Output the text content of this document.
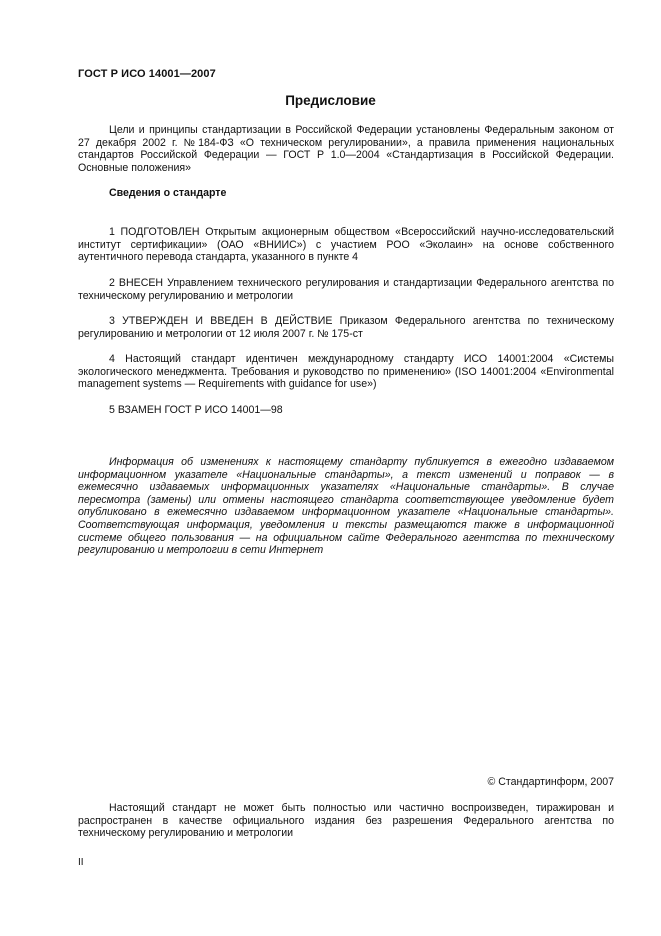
ГОСТ Р ИСО 14001—2007
Предисловие

Цели и принципы стандартизации в Российской Федерации установлены Федеральным законом от 27 декабря 2002 г. №184-ФЗ «О техническом регулировании», а правила применения национальных стандартов Российской Федерации — ГОСТ Р 1.0—2004 «Стандартизация в Российской Федерации. Основные положения»

Сведения о стандарте

1 ПОДГОТОВЛЕН Открытым акционерным обществом «Всероссийский научно-исследовательский институт сертификации» (ОАО «ВНИИС») с участием РОО «Эколаин» на основе собственного аутентичного перевода стандарта, указанного в пункте 4

2 ВНЕСЕН Управлением технического регулирования и стандартизации Федерального агентства по техническому регулированию и метрологии

3 УТВЕРЖДЕН И ВВЕДЕН В ДЕЙСТВИЕ Приказом Федерального агентства по техническому регулированию и метрологии от 12 июля 2007 г. № 175-ст

4 Настоящий стандарт идентичен международному стандарту ИСО 14001:2004 «Системы экологического менеджмента. Требования и руководство по применению» (ISO 14001:2004 «Environmental management systems — Requirements with guidance for use»)

5 ВЗАМЕН ГОСТ Р ИСО 14001—98

Информация об изменениях к настоящему стандарту публикуется в ежегодно издаваемом информационном указателе «Национальные стандарты», а текст изменений и поправок — в ежемесячно издаваемых информационных указателях «Национальные стандарты». В случае пересмотра (замены) или отмены настоящего стандарта соответствующее уведомление будет опубликовано в ежемесячно издаваемом информационном указателе «Национальные стандарты». Соответствующая информация, уведомления и тексты размещаются также в информационной системе общего пользования — на официальном сайте Федерального агентства по техническому регулированию и метрологии в сети Интернет

© Стандартинформ, 2007

Настоящий стандарт не может быть полностью или частично воспроизведен, тиражирован и распространен в качестве официального издания без разрешения Федерального агентства по техническому регулированию и метрологии

II
